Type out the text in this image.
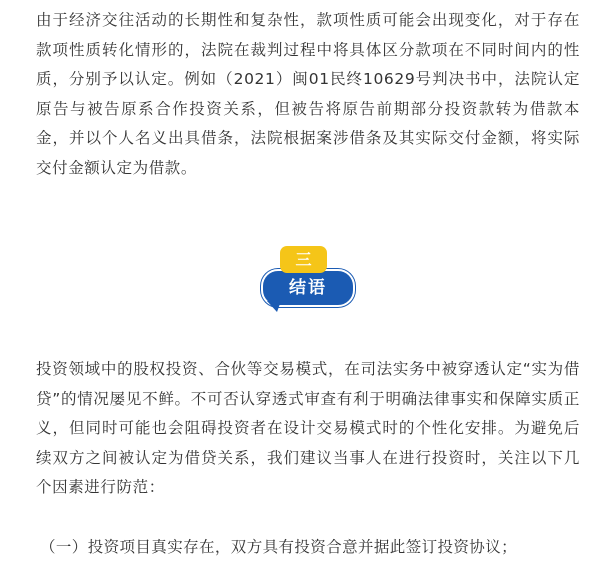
由于经济交往活动的长期性和复杂性，款项性质可能会出现变化，对于存在款项性质转化情形的，法院在裁判过程中将具体区分款项在不同时间内的性质，分别予以认定。例如（2021）闽01民终10629号判决书中，法院认定原告与被告原系合作投资关系，但被告将原告前期部分投资款转为借款本金，并以个人名义出具借条，法院根据案涉借条及其实际交付金额，将实际交付金额认定为借款。

结语
三

投资领域中的股权投资、合伙等交易模式，在司法实务中被穿透认定“实为借贷”的情况屡见不鲜。不可否认穿透式审查有利于明确法律事实和保障实质正义，但同时可能也会阻碍投资者在设计交易模式时的个性化安排。为避免后续双方之间被认定为借贷关系，我们建议当事人在进行投资时，关注以下几个因素进行防范：

（一）投资项目真实存在，双方具有投资合意并据此签订投资协议；
